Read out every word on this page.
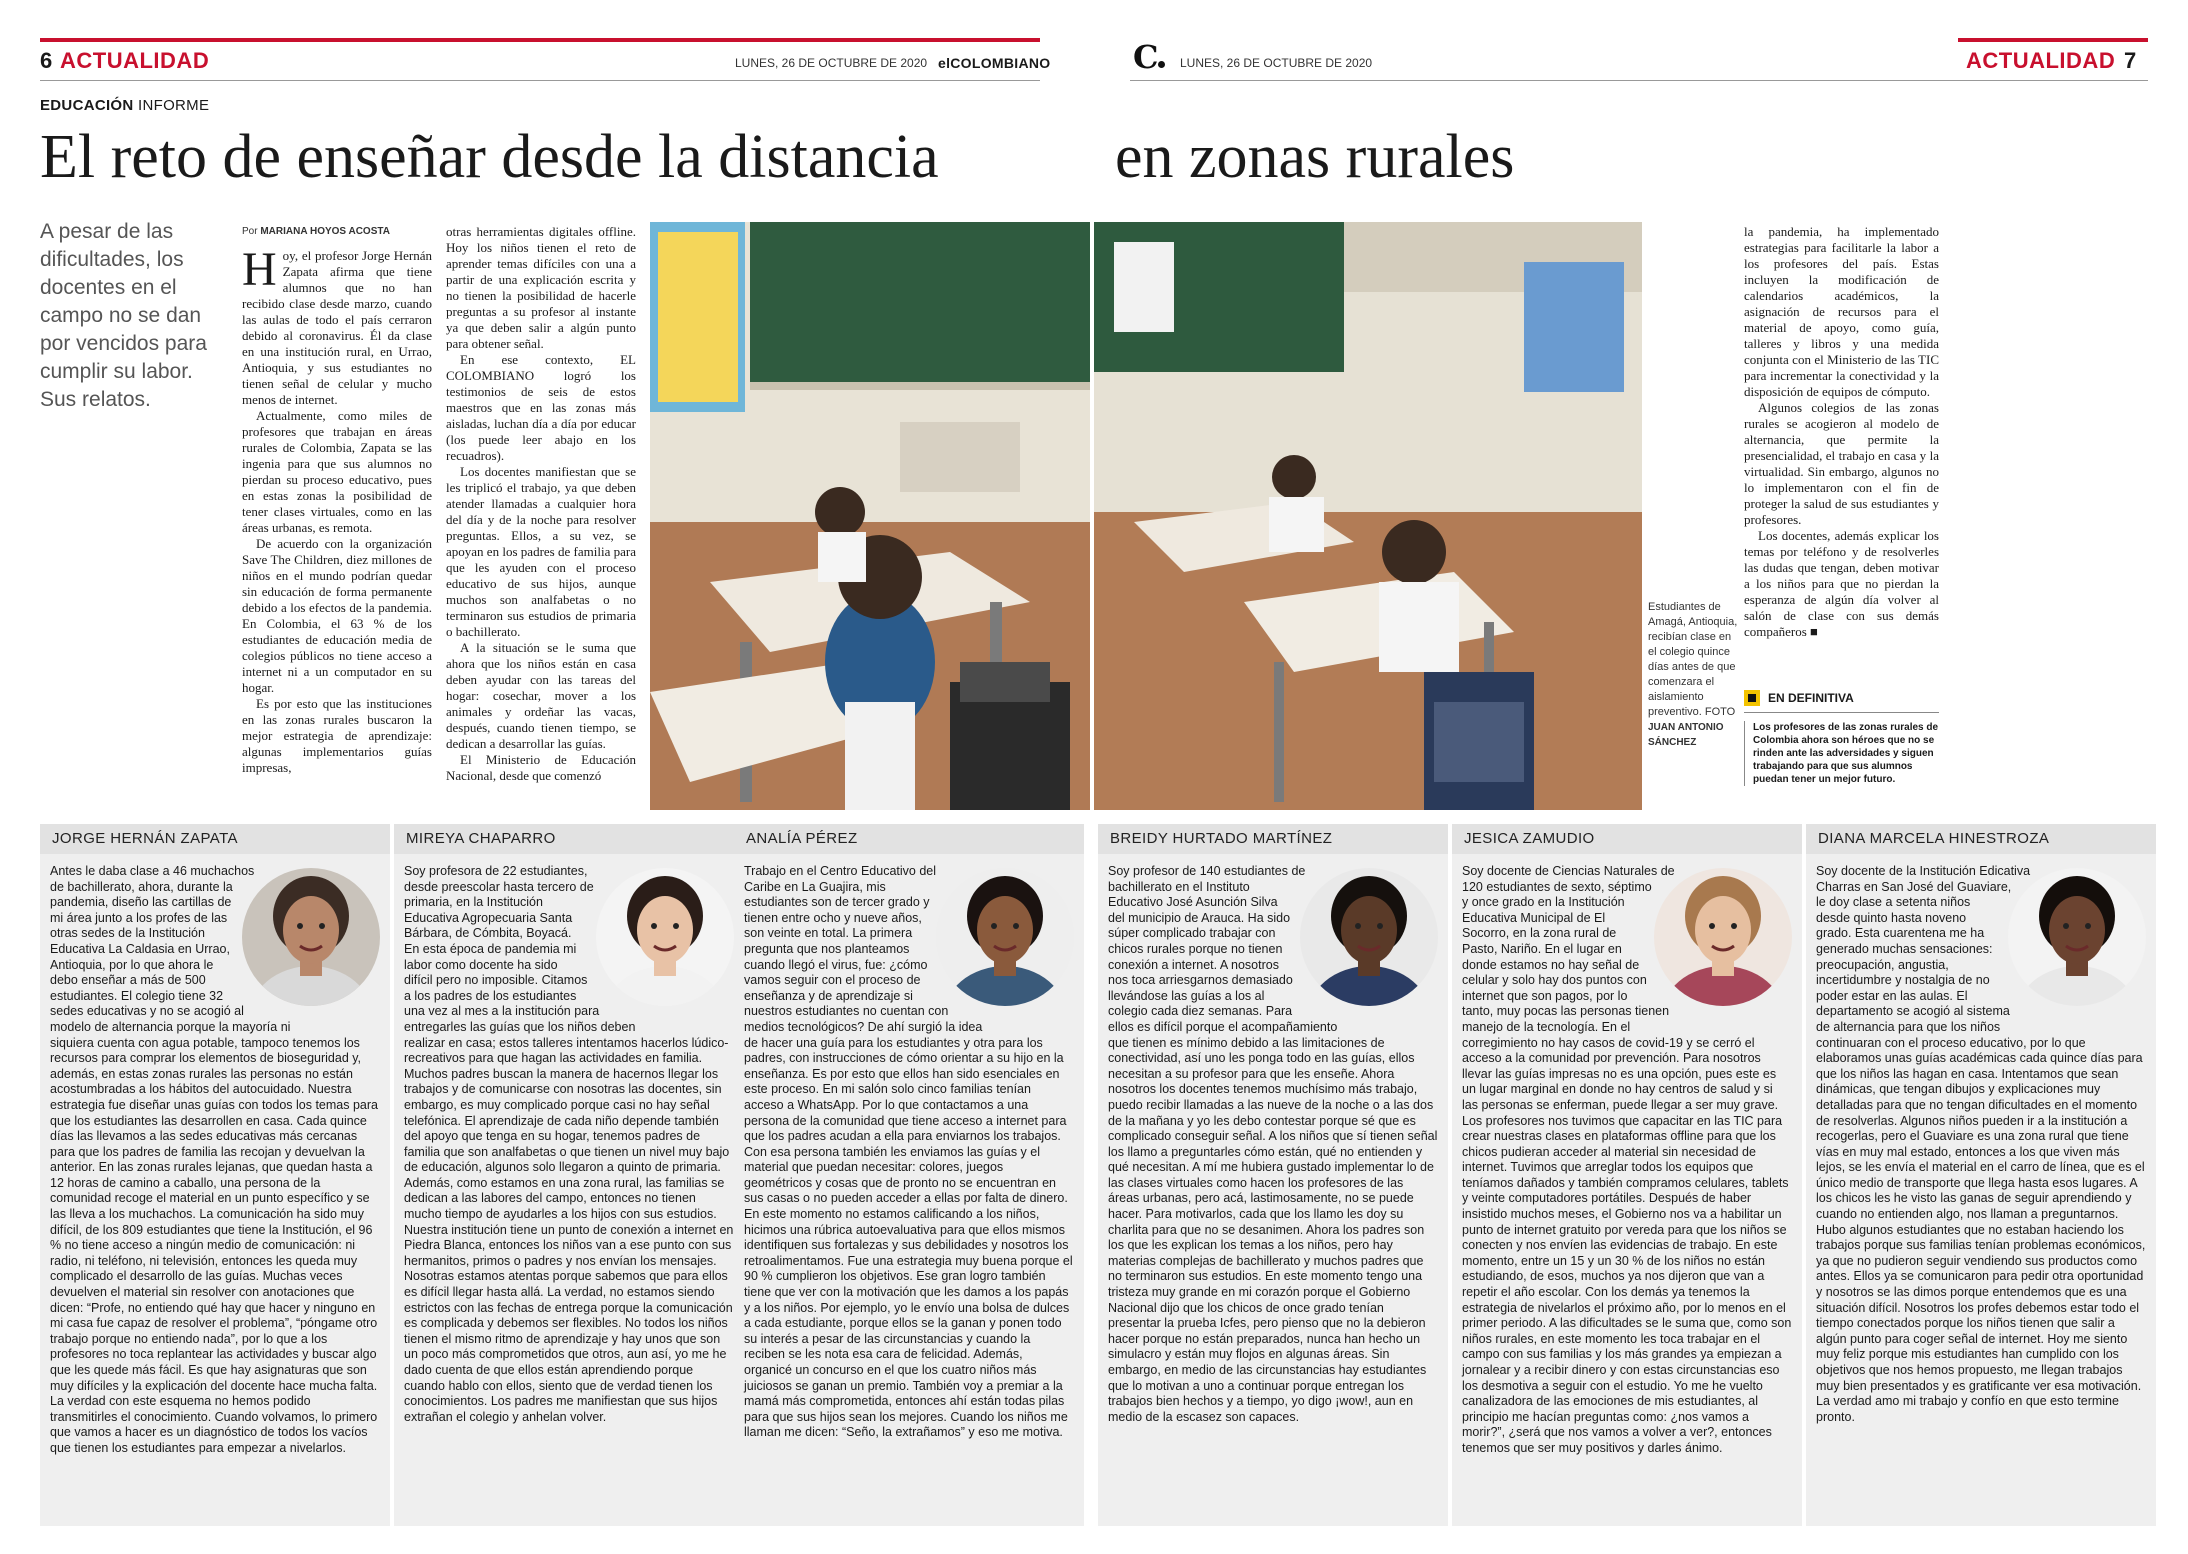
6 ACTUALIDAD	LUNES, 26 DE OCTUBRE DE 2020 elCOLOMBIANO	C	LUNES, 26 DE OCTUBRE DE 2020	ACTUALIDAD 7
EDUCACIÓN INFORME
El reto de enseñar desde la distancia	en zonas rurales
A pesar de las dificultades, los docentes en el campo no se dan por vencidos para cumplir su labor. Sus relatos.
Por MARIANA HOYOS ACOSTA

Hoy, el profesor Jorge Hernán Zapata afirma que tiene alumnos que no han recibido clase desde marzo, cuando las aulas de todo el país cerraron debido al coronavirus. Él da clase en una institución rural, en Urrao, Antioquia, y sus estudiantes no tienen señal de celular y mucho menos de internet.

Actualmente, como miles de profesores que trabajan en áreas rurales de Colombia, Zapata se las ingenia para que sus alumnos no pierdan su proceso educativo, pues en estas zonas la posibilidad de tener clases virtuales, como en las áreas urbanas, es remota.

De acuerdo con la organización Save The Children, diez millones de niños en el mundo podrían quedar sin educación de forma permanente debido a los efectos de la pandemia. En Colombia, el 63 % de los estudiantes de educación media de colegios públicos no tiene acceso a internet ni a un computador en su hogar.

Es por esto que las instituciones en las zonas rurales buscaron la mejor estrategia de aprendizaje: algunas implementarios guías impresas,

otras herramientas digitales offline. Hoy los niños tienen el reto de aprender temas difíciles con una a partir de una explicación escrita y no tienen la posibilidad de hacerle preguntas a su profesor al instante ya que deben salir a algún punto para obtener señal.

En ese contexto, EL COLOMBIANO logró los testimonios de seis de estos maestros que en las zonas más aisladas, luchan día a día por educar (los puede leer abajo en los recuadros).

Los docentes manifiestan que se les triplicó el trabajo, ya que deben atender llamadas a cualquier hora del día y de la noche para resolver preguntas. Ellos, a su vez, se apoyan en los padres de familia para que les ayuden con el proceso educativo de sus hijos, aunque muchos son analfabetas o no terminaron sus estudios de primaria o bachillerato.

A la situación se le suma que ahora que los niños están en casa deben ayudar con las tareas del hogar: cosechar, mover a los animales y ordeñar las vacas, después, cuando tienen tiempo, se dedican a desarrollar las guías.

El Ministerio de Educación Nacional, desde que comenzó

la pandemia, ha implementado estrategias para facilitarle la labor a los profesores del país. Estas incluyen la modificación de calendarios académicos, la asignación de recursos para el material de apoyo, como guía, talleres y libros y una medida conjunta con el Ministerio de las TIC para incrementar la conectividad y la disposición de equipos de cómputo.

Algunos colegios de las zonas rurales se acogieron al modelo de alternancia, que permite la presencialidad, el trabajo en casa y la virtualidad. Sin embargo, algunos no lo implementaron con el fin de proteger la salud de sus estudiantes y profesores.

Los docentes, además explicar los temas por teléfono y de resolverles las dudas que tengan, deben motivar a los niños para que no pierdan la esperanza de algún día volver al salón de clase con sus demás compañeros ■

Estudiantes de Amagá, Antioquia, recibían clase en el colegio quince días antes de que comenzara el aislamiento preventivo. FOTO JUAN ANTONIO SÁNCHEZ
EN DEFINITIVA
Los profesores de las zonas rurales de Colombia ahora son héroes que no se rinden ante las adversidades y siguen trabajando para que sus alumnos puedan tener un mejor futuro.
JORGE HERNÁN ZAPATA
Antes le daba clase a 46 muchachos de bachillerato, ahora, durante la pandemia, diseño las cartillas de mi área junto a los profes de las otras sedes de la Institución Educativa La Caldasia en Urrao, Antioquia, por lo que ahora le debo enseñar a más de 500 estudiantes. El colegio tiene 32 sedes educativas y no se acogió al modelo de alternancia porque la mayoría ni siquiera cuenta con agua potable, tampoco tenemos los recursos para comprar los elementos de bioseguridad y, además, en estas zonas rurales las personas no están acostumbradas a los hábitos del autocuidado. Nuestra estrategia fue diseñar unas guías con todos los temas para que los estudiantes las desarrollen en casa. Cada quince días las llevamos a las sedes educativas más cercanas para que los padres de familia las recojan y devuelvan la anterior. En las zonas rurales lejanas, que quedan hasta a 12 horas de camino a caballo, una persona de la comunidad recoge el material en un punto específico y se las lleva a los muchachos. La comunicación ha sido muy difícil, de los 809 estudiantes que tiene la Institución, el 96 % no tiene acceso a ningún medio de comunicación: ni radio, ni teléfono, ni televisión, entonces les queda muy complicado el desarrollo de las guías. Muchas veces devuelven el material sin resolver con anotaciones que dicen: “Profe, no entiendo qué hay que hacer y ninguno en mi casa fue capaz de resolver el problema”, “póngame otro trabajo porque no entiendo nada”, por lo que a los profesores no toca replantear las actividades y buscar algo que les quede más fácil. Es que hay asignaturas que son muy difíciles y la explicación del docente hace mucha falta. La verdad con este esquema no hemos podido transmitirles el conocimiento. Cuando volvamos, lo primero que vamos a hacer es un diagnóstico de todos los vacíos que tienen los estudiantes para empezar a nivelarlos.
MIREYA CHAPARRO
Soy profesora de 22 estudiantes, desde preescolar hasta tercero de primaria, en la Institución Educativa Agropecuaria Santa Bárbara, de Cómbita, Boyacá. En esta época de pandemia mi labor como docente ha sido difícil pero no imposible. Citamos a los padres de los estudiantes una vez al mes a la institución para entregarles las guías que los niños deben realizar en casa; estos talleres intentamos hacerlos lúdico-recreativos para que hagan las actividades en familia. Muchos padres buscan la manera de hacernos llegar los trabajos y de comunicarse con nosotras las docentes, sin embargo, es muy complicado porque casi no hay señal telefónica. El aprendizaje de cada niño depende también del apoyo que tenga en su hogar, tenemos padres de familia que son analfabetas o que tienen un nivel muy bajo de educación, algunos solo llegaron a quinto de primaria. Además, como estamos en una zona rural, las familias se dedican a las labores del campo, entonces no tienen mucho tiempo de ayudarles a los hijos con sus estudios. Nuestra institución tiene un punto de conexión a internet en Piedra Blanca, entonces los niños van a ese punto con sus hermanitos, primos o padres y nos envían los mensajes. Nosotras estamos atentas porque sabemos que para ellos es difícil llegar hasta allá. La verdad, no estamos siendo estrictos con las fechas de entrega porque la comunicación es complicada y debemos ser flexibles. No todos los niños tienen el mismo ritmo de aprendizaje y hay unos que son un poco más comprometidos que otros, aun así, yo me he dado cuenta de que ellos están aprendiendo porque cuando hablo con ellos, siento que de verdad tienen los conocimientos. Los padres me manifiestan que sus hijos extrañan el colegio y anhelan volver.
ANALÍA PÉREZ
Trabajo en el Centro Educativo del Caribe en La Guajira, mis estudiantes son de tercer grado y tienen entre ocho y nueve años, son veinte en total. La primera pregunta que nos planteamos cuando llegó el virus, fue: ¿cómo vamos seguir con el proceso de enseñanza y de aprendizaje si nuestros estudiantes no cuentan con medios tecnológicos? De ahí surgió la idea de hacer una guía para los estudiantes y otra para los padres, con instrucciones de cómo orientar a su hijo en la enseñanza. Es por esto que ellos han sido esenciales en este proceso. En mi salón solo cinco familias tenían acceso a WhatsApp. Por lo que contactamos a una persona de la comunidad que tiene acceso a internet para que los padres acudan a ella para enviarnos los trabajos. Con esa persona también les enviamos las guías y el material que puedan necesitar: colores, juegos geométricos y cosas que de pronto no se encuentran en sus casas o no pueden acceder a ellas por falta de dinero. En este momento no estamos calificando a los niños, hicimos una rúbrica autoevaluativa para que ellos mismos identifiquen sus fortalezas y sus debilidades y nosotros los retroalimentamos. Fue una estrategia muy buena porque el 90 % cumplieron los objetivos. Ese gran logro también tiene que ver con la motivación que les damos a los papás y a los niños. Por ejemplo, yo le envío una bolsa de dulces a cada estudiante, porque ellos se la ganan y ponen todo su interés a pesar de las circunstancias y cuando la reciben se les nota esa cara de felicidad. Además, organicé un concurso en el que los cuatro niños más juiciosos se ganan un premio. También voy a premiar a la mamá más comprometida, entonces ahí están todas pilas para que sus hijos sean los mejores. Cuando los niños me llaman me dicen: “Seño, la extrañamos” y eso me motiva.
BREIDY HURTADO MARTÍNEZ
Soy profesor de 140 estudiantes de bachillerato en el Instituto Educativo José Asunción Silva del municipio de Arauca. Ha sido súper complicado trabajar con chicos rurales porque no tienen conexión a internet. A nosotros nos toca arriesgarnos demasiado llevándose las guías a los al colegio cada diez semanas. Para ellos es difícil porque el acompañamiento que tienen es mínimo debido a las limitaciones de conectividad, así uno les ponga todo en las guías, ellos necesitan a su profesor para que les enseñe. Ahora nosotros los docentes tenemos muchísimo más trabajo, puedo recibir llamadas a las nueve de la noche o a las dos de la mañana y yo les debo contestar porque sé que es complicado conseguir señal. A los niños que sí tienen señal los llamo a preguntarles cómo están, qué no entienden y qué necesitan. A mí me hubiera gustado implementar lo de las clases virtuales como hacen los profesores de las áreas urbanas, pero acá, lastimosamente, no se puede hacer. Para motivarlos, cada que los llamo les doy su charlita para que no se desanimen. Ahora los padres son los que les explican los temas a los niños, pero hay materias complejas de bachillerato y muchos padres que no terminaron sus estudios. En este momento tengo una tristeza muy grande en mi corazón porque el Gobierno Nacional dijo que los chicos de once grado tenían presentar la prueba Icfes, pero pienso que no la debieron hacer porque no están preparados, nunca han hecho un simulacro y están muy flojos en algunas áreas. Sin embargo, en medio de las circunstancias hay estudiantes que lo motivan a uno a continuar porque entregan los trabajos bien hechos y a tiempo, yo digo ¡wow!, aun en medio de la escasez son capaces.
JESICA ZAMUDIO
Soy docente de Ciencias Naturales de 120 estudiantes de sexto, séptimo y once grado en la Institución Educativa Municipal de El Socorro, en la zona rural de Pasto, Nariño. En el lugar en donde estamos no hay señal de celular y solo hay dos puntos con internet que son pagos, por lo tanto, muy pocas las personas tienen manejo de la tecnología. En el corregimiento no hay casos de covid-19 y se cerró el acceso a la comunidad por prevención. Para nosotros llevar las guías impresas no es una opción, pues este es un lugar marginal en donde no hay centros de salud y si las personas se enferman, puede llegar a ser muy grave. Los profesores nos tuvimos que capacitar en las TIC para crear nuestras clases en plataformas offline para que los chicos pudieran acceder al material sin necesidad de internet. Tuvimos que arreglar todos los equipos que teníamos dañados y también compramos celulares, tablets y veinte computadores portátiles. Después de haber insistido muchos meses, el Gobierno nos va a habilitar un punto de internet gratuito por vereda para que los niños se conecten y nos envíen las evidencias de trabajo. En este momento, entre un 15 y un 30 % de los niños no están estudiando, de esos, muchos ya nos dijeron que van a repetir el año escolar. Con los demás ya tenemos la estrategia de nivelarlos el próximo año, por lo menos en el primer periodo. A las dificultades se le suma que, como son niños rurales, en este momento les toca trabajar en el campo con sus familias y los más grandes ya empiezan a jornalear y a recibir dinero y con estas circunstancias eso los desmotiva a seguir con el estudio. Yo me he vuelto canalizadora de las emociones de mis estudiantes, al principio me hacían preguntas como: ¿nos vamos a morir?”, ¿será que nos vamos a volver a ver?, entonces tenemos que ser muy positivos y darles ánimo.
DIANA MARCELA HINESTROZA
Soy docente de la Institución Edicativa Charras en San José del Guaviare, le doy clase a setenta niños desde quinto hasta noveno grado. Esta cuarentena me ha generado muchas sensaciones: preocupación, angustia, incertidumbre y nostalgia de no poder estar en las aulas. El departamento se acogió al sistema de alternancia para que los niños continuaran con el proceso educativo, por lo que elaboramos unas guías académicas cada quince días para que los niños las hagan en casa. Intentamos que sean dinámicas, que tengan dibujos y explicaciones muy detalladas para que no tengan dificultades en el momento de resolverlas. Algunos niños pueden ir a la institución a recogerlas, pero el Guaviare es una zona rural que tiene vías en muy mal estado, entonces a los que viven más lejos, se les envía el material en el carro de línea, que es el único medio de transporte que llega hasta esos lugares. A los chicos les he visto las ganas de seguir aprendiendo y cuando no entienden algo, nos llaman a preguntarnos. Hubo algunos estudiantes que no estaban haciendo los trabajos porque sus familias tenían problemas económicos, ya que no pudieron seguir vendiendo sus productos como antes. Ellos ya se comunicaron para pedir otra oportunidad y nosotros se las dimos porque entendemos que es una situación difícil. Nosotros los profes debemos estar todo el tiempo conectados porque los niños tienen que salir a algún punto para coger señal de internet. Hoy me siento muy feliz porque mis estudiantes han cumplido con los objetivos que nos hemos propuesto, me llegan trabajos muy bien presentados y es gratificante ver esa motivación. La verdad amo mi trabajo y confío en que esto termine pronto.
